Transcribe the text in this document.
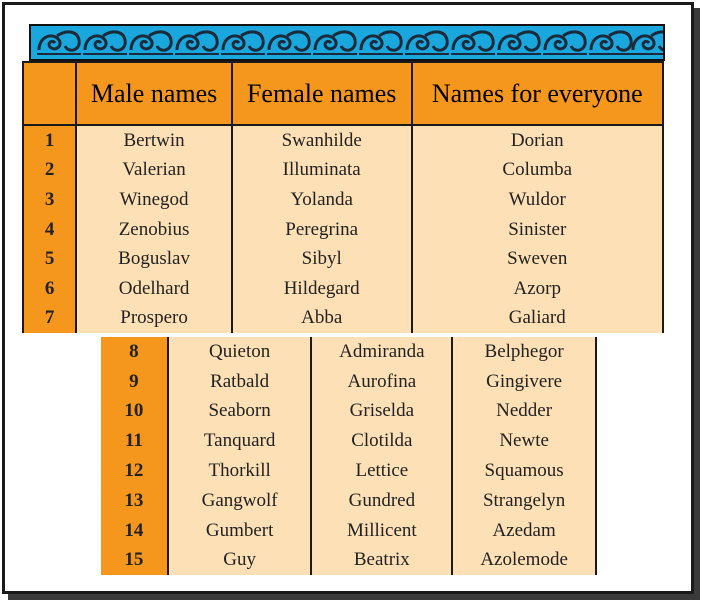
	Male names	Female names	Names for everyone
1	Bertwin	Swanhilde	Dorian
2	Valerian	Illuminata	Columba
3	Winegod	Yolanda	Wuldor
4	Zenobius	Peregrina	Sinister
5	Boguslav	Sibyl	Sweven
6	Odelhard	Hildegard	Azorp
7	Prospero	Abba	Galiard
8	Quieton	Admiranda	Belphegor
9	Ratbald	Aurofina	Gingivere
10	Seaborn	Griselda	Nedder
11	Tanquard	Clotilda	Newte
12	Thorkill	Lettice	Squamous
13	Gangwolf	Gundred	Strangelyn
14	Gumbert	Millicent	Azedam
15	Guy	Beatrix	Azolemode
